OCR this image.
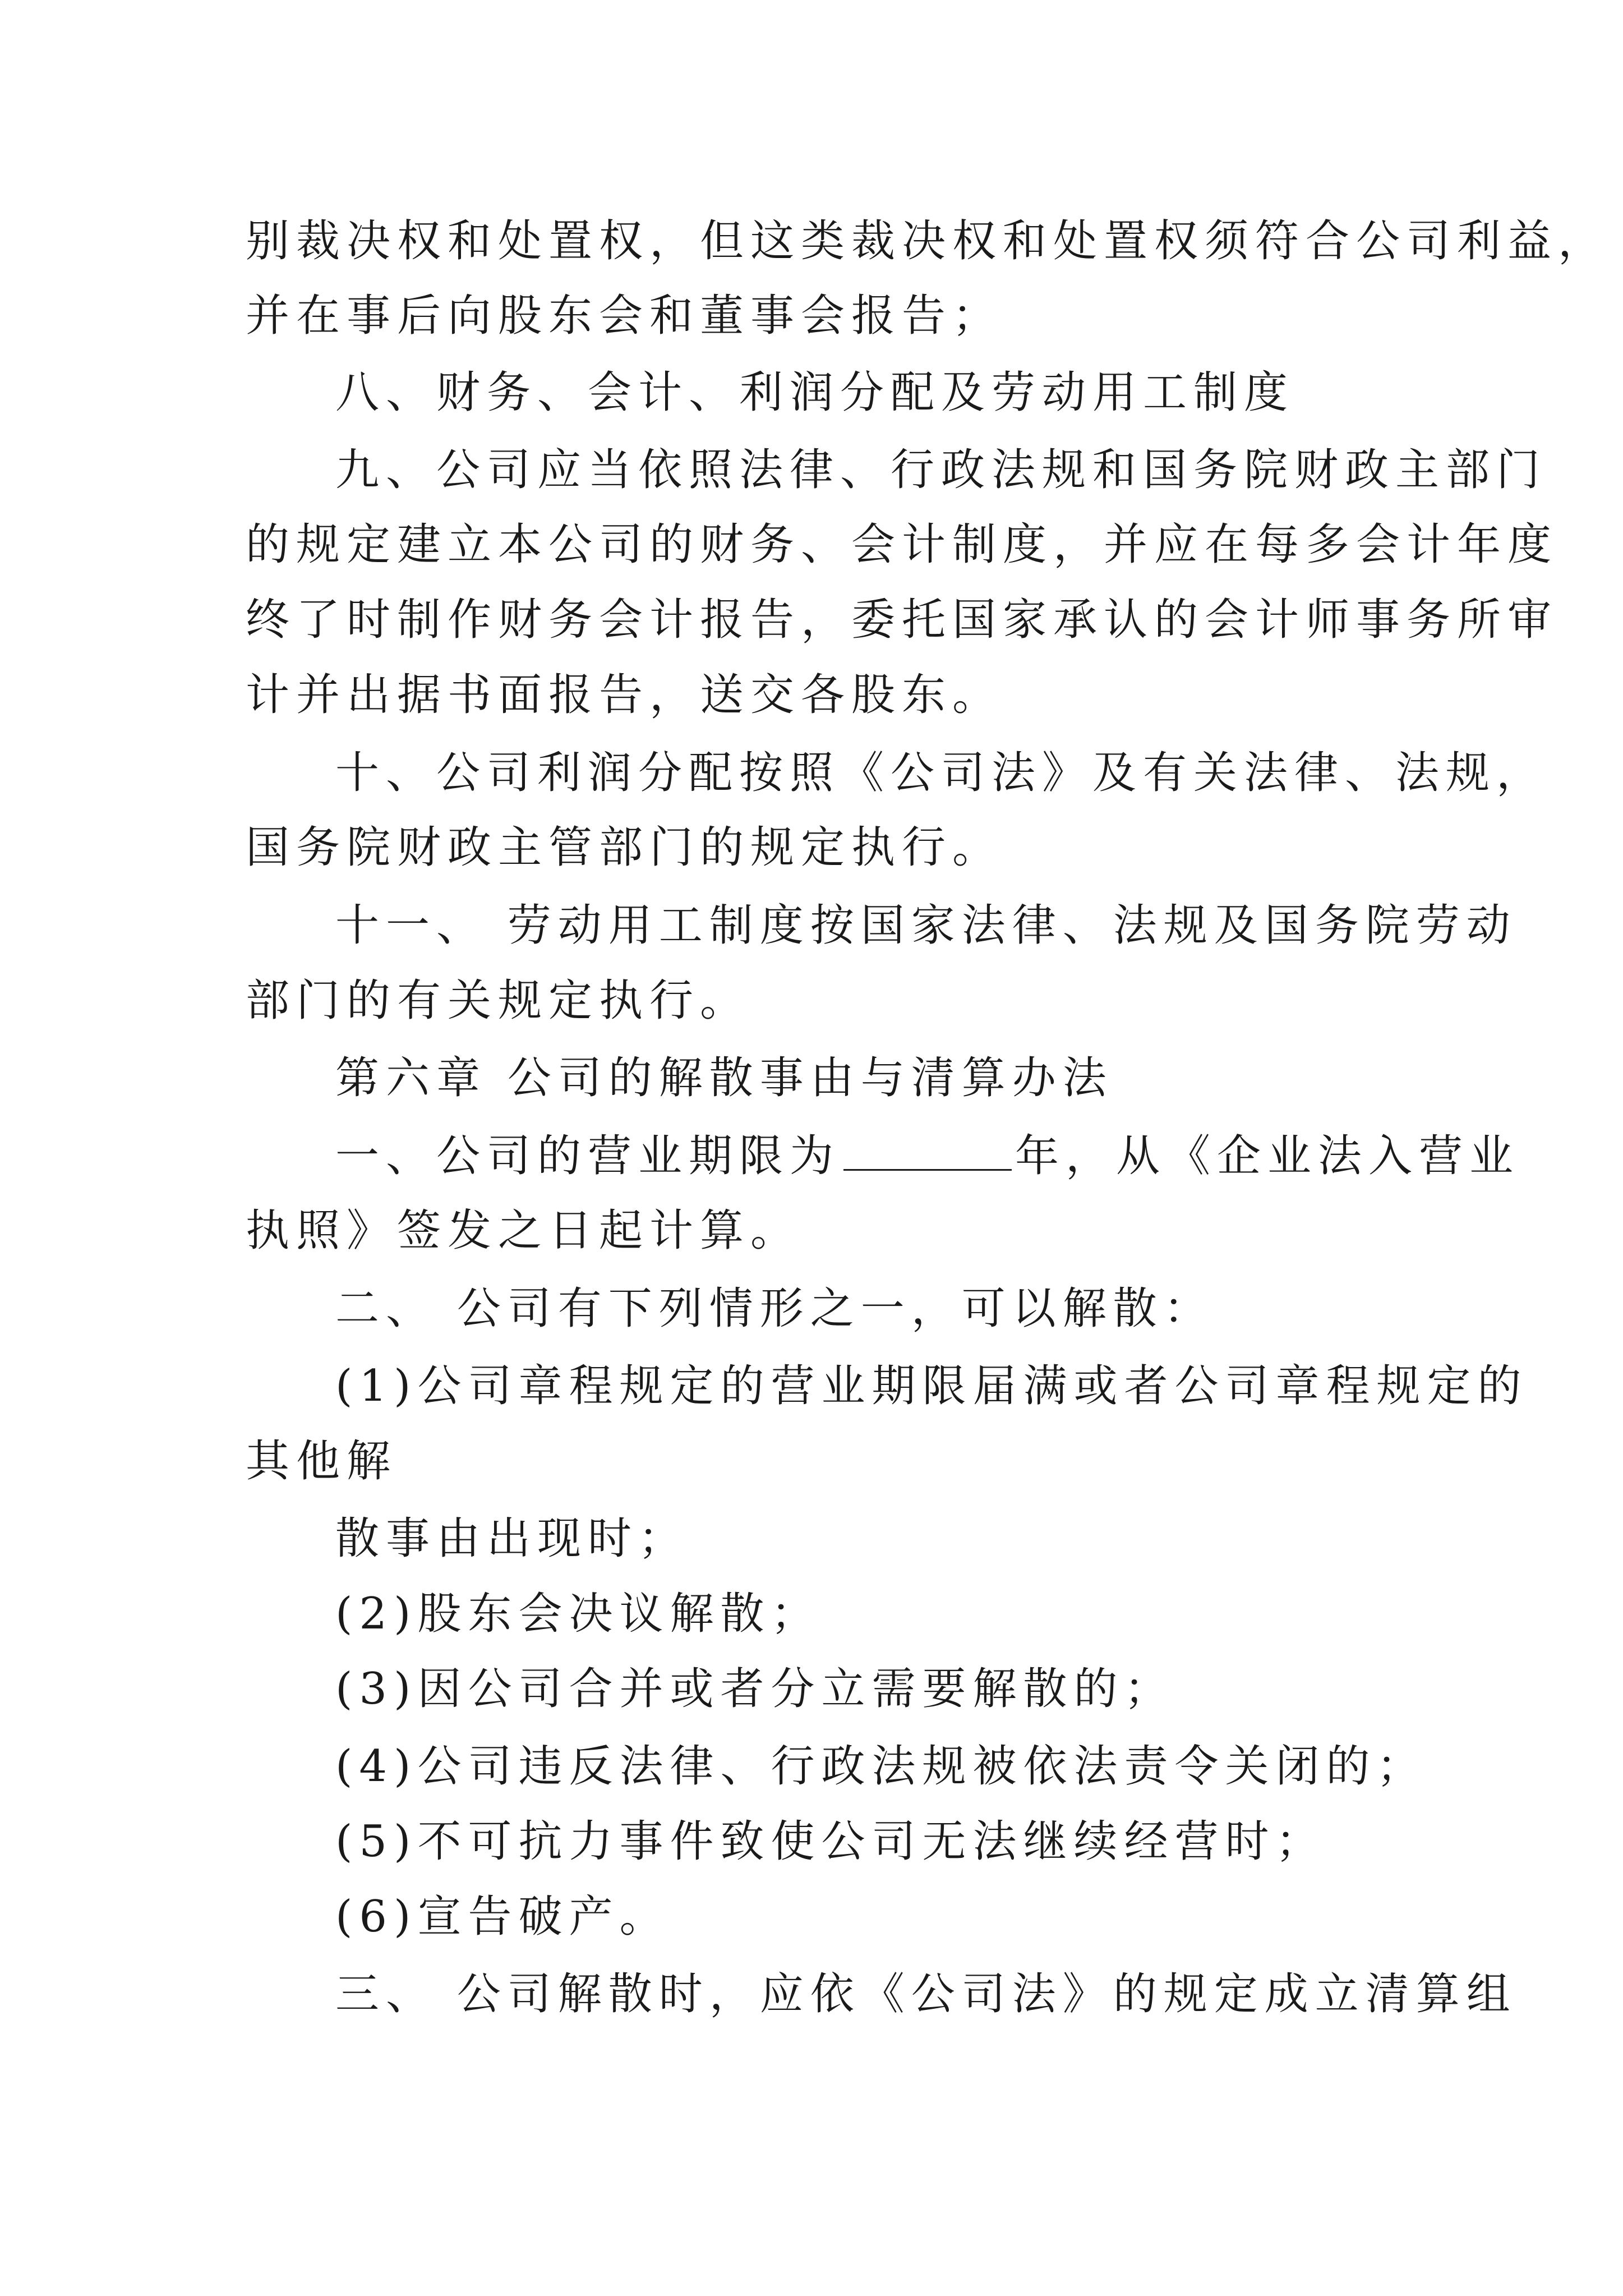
别裁决权和处置权，但这类裁决权和处置权须符合公司利益，
并在事后向股东会和董事会报告；
八、财务、会计、利润分配及劳动用工制度
九、公司应当依照法律、行政法规和国务院财政主部门
的规定建立本公司的财务、会计制度，并应在每多会计年度
终了时制作财务会计报告，委托国家承认的会计师事务所审
计并出据书面报告，送交各股东。
十、公司利润分配按照《公司法》及有关法律、法规，
国务院财政主管部门的规定执行。
十一、 劳动用工制度按国家法律、法规及国务院劳动
部门的有关规定执行。
第六章 公司的解散事由与清算办法
一、公司的营业期限为	年，从《企业法入营业
执照》签发之日起计算。
二、 公司有下列情形之一，可以解散：
(1)公司章程规定的营业期限届满或者公司章程规定的
其他解
散事由出现时；
(2)股东会决议解散；
(3)因公司合并或者分立需要解散的；
(4)公司违反法律、行政法规被依法责令关闭的；
(5)不可抗力事件致使公司无法继续经营时；
(6)宣告破产。
三、 公司解散时，应依《公司法》的规定成立清算组
